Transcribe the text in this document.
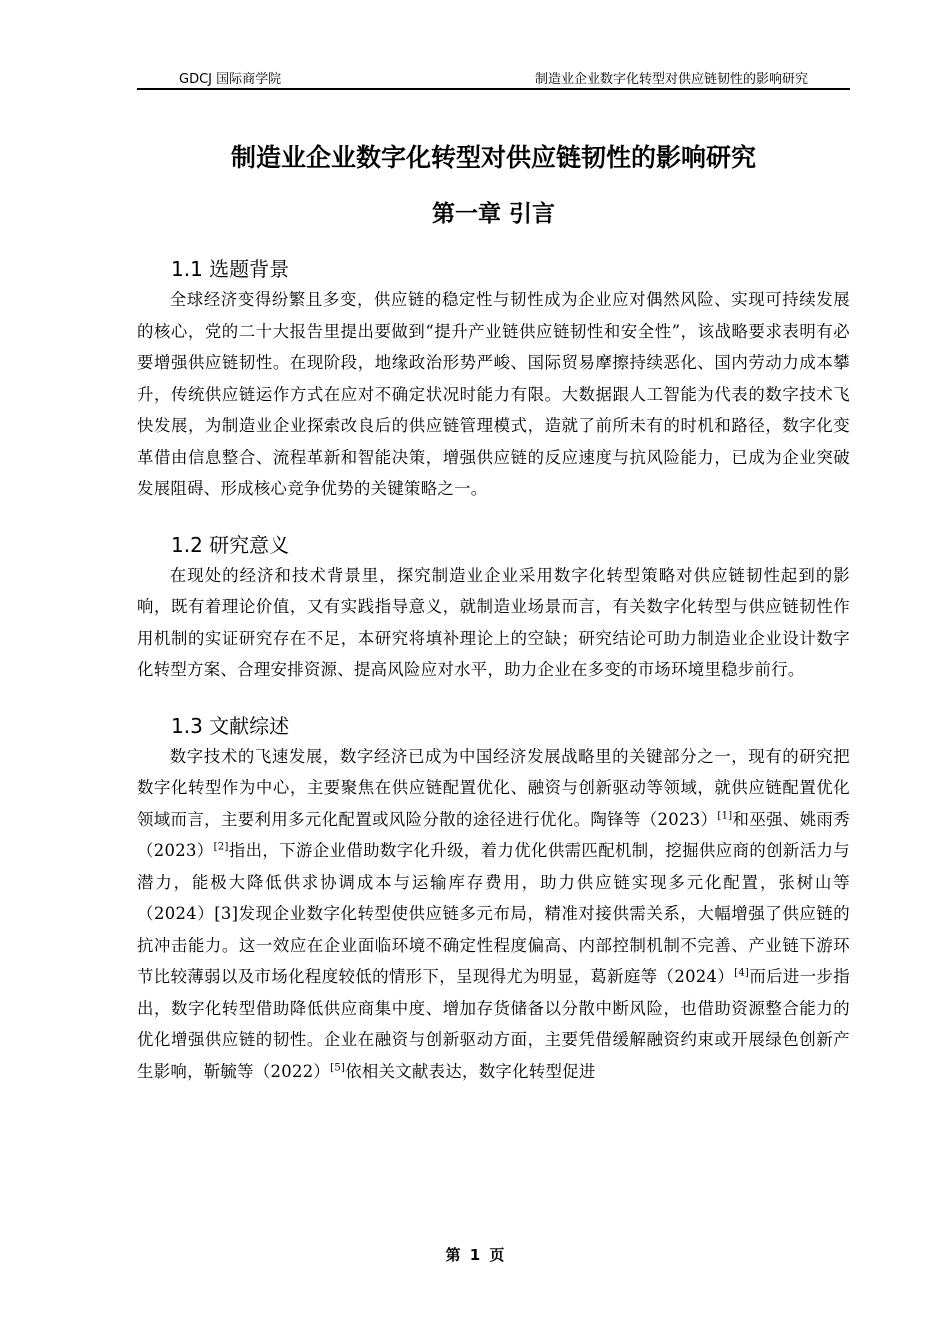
GDCJ 国际商学院	制造业企业数字化转型对供应链韧性的影响研究
制造业企业数字化转型对供应链韧性的影响研究
第一章 引言
1.1 选题背景

全球经济变得纷繁且多变，供应链的稳定性与韧性成为企业应对偶然风险、实现可持续发展的核心，党的二十大报告里提出要做到“提升产业链供应链韧性和安全性”，该战略要求表明有必要增强供应链韧性。在现阶段，地缘政治形势严峻、国际贸易摩擦持续恶化、国内劳动力成本攀升，传统供应链运作方式在应对不确定状况时能力有限。大数据跟人工智能为代表的数字技术飞快发展，为制造业企业探索改良后的供应链管理模式，造就了前所未有的时机和路径，数字化变革借由信息整合、流程革新和智能决策，增强供应链的反应速度与抗风险能力，已成为企业突破发展阻碍、形成核心竞争优势的关键策略之一。

1.2 研究意义

在现处的经济和技术背景里，探究制造业企业采用数字化转型策略对供应链韧性起到的影响，既有着理论价值，又有实践指导意义，就制造业场景而言，有关数字化转型与供应链韧性作用机制的实证研究存在不足，本研究将填补理论上的空缺；研究结论可助力制造业企业设计数字化转型方案、合理安排资源、提高风险应对水平，助力企业在多变的市场环境里稳步前行。

1.3 文献综述

数字技术的飞速发展，数字经济已成为中国经济发展战略里的关键部分之一，现有的研究把数字化转型作为中心，主要聚焦在供应链配置优化、融资与创新驱动等领域，就供应链配置优化领域而言，主要利用多元化配置或风险分散的途径进行优化。陶锋等（2023）[1]和巫强、姚雨秀（2023）[2]指出，下游企业借助数字化升级，着力优化供需匹配机制，挖掘供应商的创新活力与潜力，能极大降低供求协调成本与运输库存费用，助力供应链实现多元化配置，张树山等（2024）[3]发现企业数字化转型使供应链多元布局，精准对接供需关系，大幅增强了供应链的抗冲击能力。这一效应在企业面临环境不确定性程度偏高、内部控制机制不完善、产业链下游环节比较薄弱以及市场化程度较低的情形下，呈现得尤为明显，葛新庭等（2024）[4]而后进一步指出，数字化转型借助降低供应商集中度、增加存货储备以分散中断风险，也借助资源整合能力的优化增强供应链的韧性。企业在融资与创新驱动方面，主要凭借缓解融资约束或开展绿色创新产生影响，靳毓等（2022）[5]依相关文献表达，数字化转型促进

第 1 页
